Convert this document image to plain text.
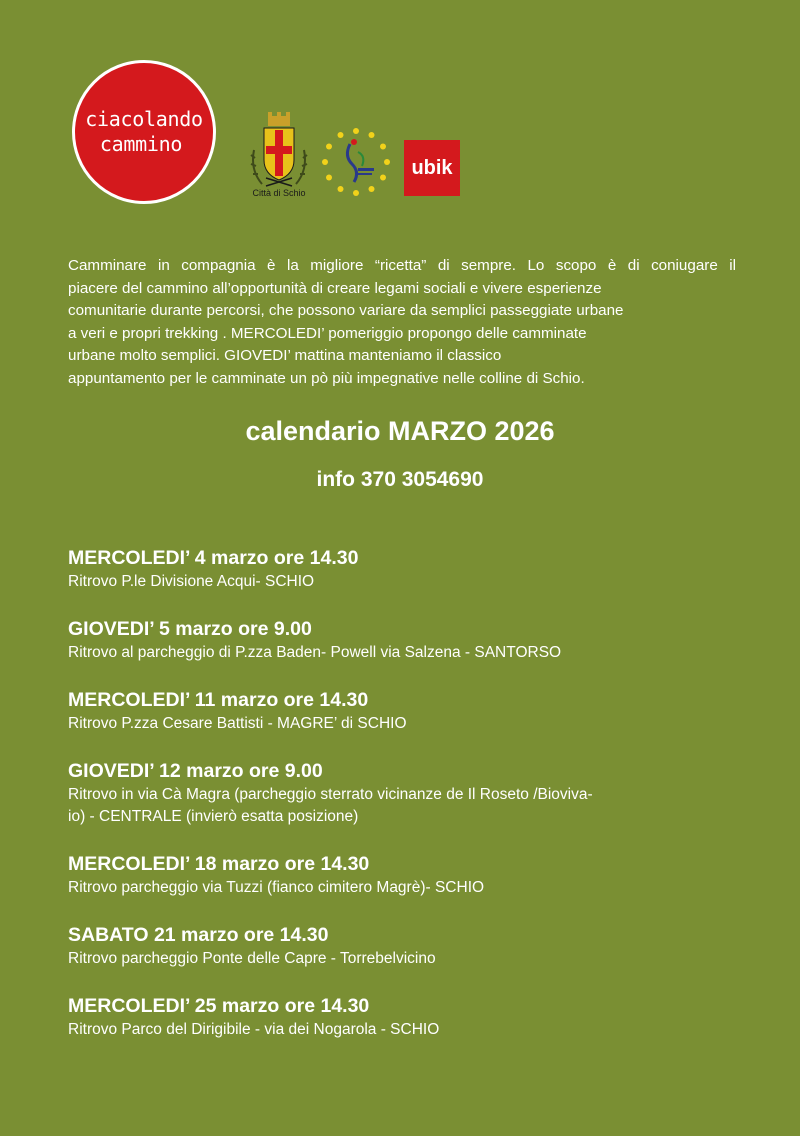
ciacolando
cammino
Città di Schio
ubik
Camminare in compagnia è la migliore “ricetta” di sempre. Lo scopo è di coniugare il
piacere del cammino all’opportunità di creare legami sociali e vivere esperienze
comunitarie durante percorsi, che possono variare da semplici passeggiate urbane
a veri e propri trekking . MERCOLEDI’ pomeriggio propongo delle camminate
urbane molto semplici. GIOVEDI’ mattina manteniamo il classico
appuntamento per le camminate un pò più impegnative nelle colline di Schio.
calendario MARZO 2026
info 370 3054690
MERCOLEDI’ 4 marzo ore 14.30
Ritrovo P.le Divisione Acqui- SCHIO
GIOVEDI’ 5 marzo ore 9.00
Ritrovo al parcheggio di P.zza Baden- Powell via Salzena - SANTORSO
MERCOLEDI’ 11 marzo ore 14.30
Ritrovo P.zza Cesare Battisti - MAGRE’ di SCHIO
GIOVEDI’ 12 marzo ore 9.00
Ritrovo in via Cà Magra (parcheggio sterrato vicinanze de Il Roseto /Bioviva-
io) - CENTRALE (invierò esatta posizione)
MERCOLEDI’ 18 marzo ore 14.30
Ritrovo parcheggio via Tuzzi (fianco cimitero Magrè)- SCHIO
SABATO 21 marzo ore 14.30
Ritrovo parcheggio Ponte delle Capre - Torrebelvicino
MERCOLEDI’ 25 marzo ore 14.30
Ritrovo Parco del Dirigibile - via dei Nogarola - SCHIO
